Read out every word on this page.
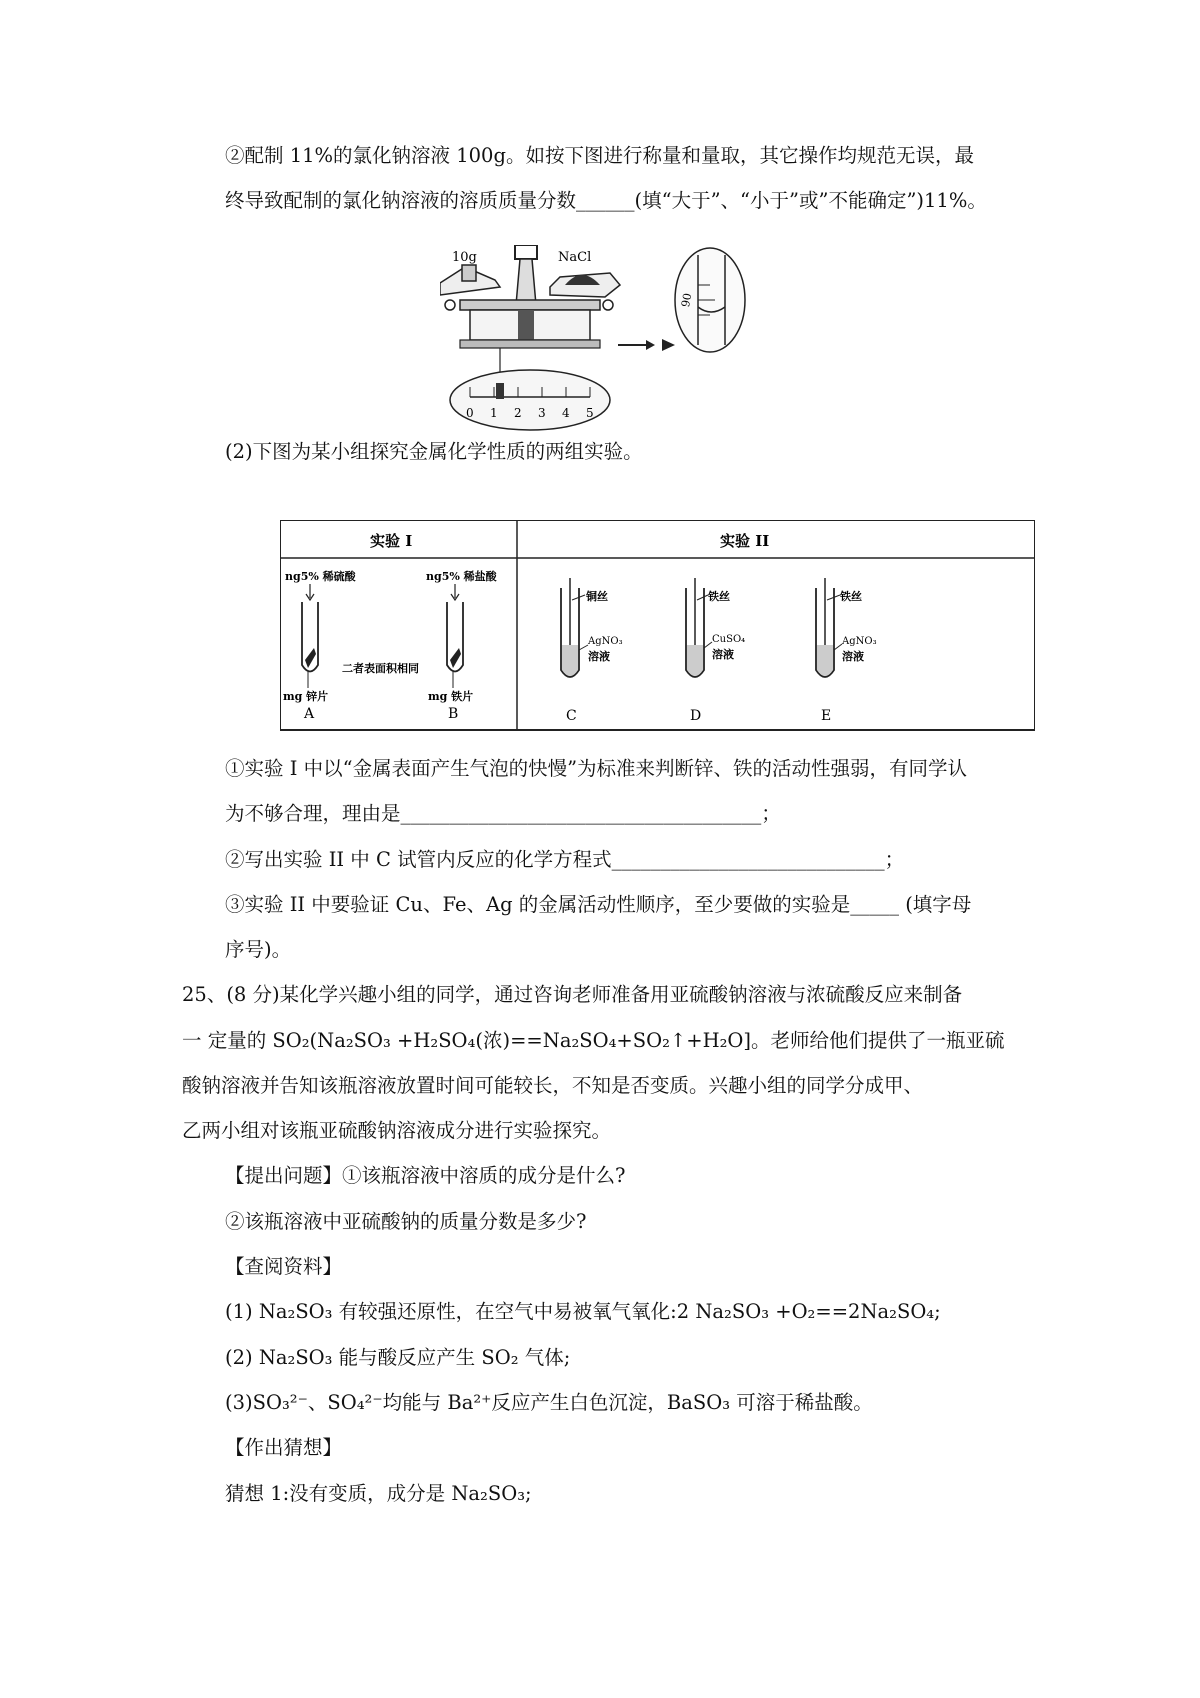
②配制 11%的氯化钠溶液 100g。如按下图进行称量和量取，其它操作均规范无误，最
终导致配制的氯化钠溶液的溶质质量分数______(填“大于”、“小于”或”不能确定”)11%。
10g	NaCl
0 1 2 3 4 5
90
(2)下图为某小组探究金属化学性质的两组实验。
实验 I	实验 II
ng5% 稀硫酸
mg 锌片
A
ng5% 稀盐酸
mg 铁片
B
二者表面积相同
铜丝
AgNO₃
溶液
C
铁丝
CuSO₄
溶液
D
铁丝
AgNO₃
溶液
E
①实验 I 中以“金属表面产生气泡的快慢”为标准来判断锌、铁的活动性强弱，有同学认
为不够合理，理由是_____________________________________；
②写出实验 II 中 C 试管内反应的化学方程式____________________________；
③实验 II 中要验证 Cu、Fe、Ag 的金属活动性顺序，至少要做的实验是_____ (填字母
序号)。
25、(8 分)某化学兴趣小组的同学，通过咨询老师准备用亚硫酸钠溶液与浓硫酸反应来制备
一 定量的 SO₂(Na₂SO₃ +H₂SO₄(浓)==Na₂SO₄+SO₂↑+H₂O]。老师给他们提供了一瓶亚硫
酸钠溶液并告知该瓶溶液放置时间可能较长，不知是否变质。兴趣小组的同学分成甲、
乙两小组对该瓶亚硫酸钠溶液成分进行实验探究。
【提出问题】①该瓶溶液中溶质的成分是什么?
②该瓶溶液中亚硫酸钠的质量分数是多少?
【查阅资料】
(1) Na₂SO₃ 有较强还原性，在空气中易被氧气氧化:2 Na₂SO₃ +O₂==2Na₂SO₄;
(2) Na₂SO₃ 能与酸反应产生 SO₂ 气体;
(3)SO₃²⁻、SO₄²⁻均能与 Ba²⁺反应产生白色沉淀，BaSO₃ 可溶于稀盐酸。
【作出猜想】
猜想 1:没有变质，成分是 Na₂SO₃;
